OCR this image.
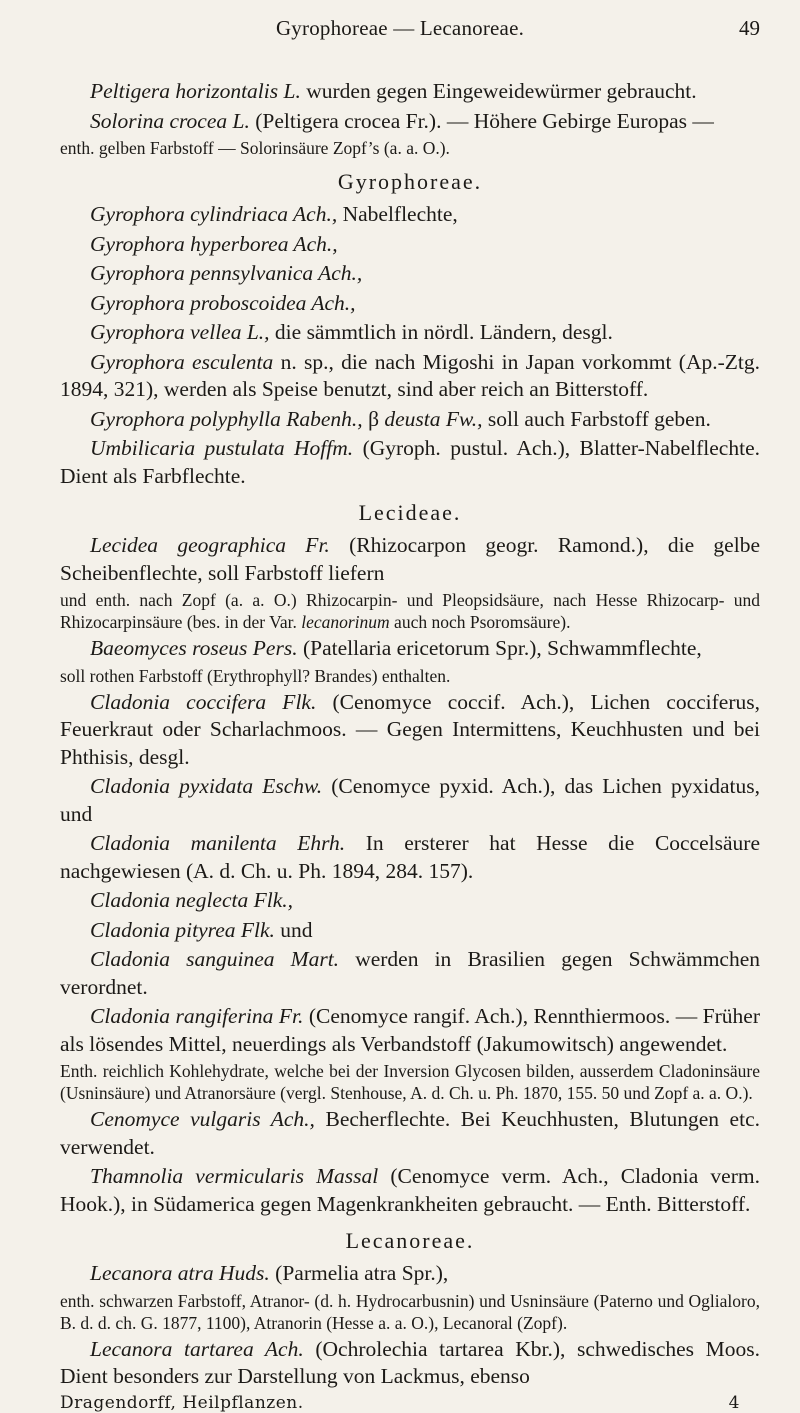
Gyrophoreae — Lecanoreae.	49

Peltigera horizontalis L. wurden gegen Eingeweidewürmer gebraucht.

Solorina crocea L. (Peltigera crocea Fr.). — Höhere Gebirge Europas —

enth. gelben Farbstoff — Solorinsäure Zopf’s (a. a. O.).

Gyrophoreae.

Gyrophora cylindriaca Ach., Nabelflechte,

Gyrophora hyperborea Ach.,

Gyrophora pennsylvanica Ach.,

Gyrophora proboscoidea Ach.,

Gyrophora vellea L., die sämmtlich in nördl. Ländern, desgl.

Gyrophora esculenta n. sp., die nach Migoshi in Japan vorkommt (Ap.-Ztg. 1894, 321), werden als Speise benutzt, sind aber reich an Bitterstoff.

Gyrophora polyphylla Rabenh., β deusta Fw., soll auch Farbstoff geben.

Umbilicaria pustulata Hoffm. (Gyroph. pustul. Ach.), Blatter-Nabelflechte. Dient als Farbflechte.

Lecideae.

Lecidea geographica Fr. (Rhizocarpon geogr. Ramond.), die gelbe Scheibenflechte, soll Farbstoff liefern

und enth. nach Zopf (a. a. O.) Rhizocarpin- und Pleopsidsäure, nach Hesse Rhizocarp- und Rhizocarpinsäure (bes. in der Var. lecanorinum auch noch Psoromsäure).

Baeomyces roseus Pers. (Patellaria ericetorum Spr.), Schwammflechte,

soll rothen Farbstoff (Erythrophyll? Brandes) enthalten.

Cladonia coccifera Flk. (Cenomyce coccif. Ach.), Lichen cocciferus, Feuerkraut oder Scharlachmoos. — Gegen Intermittens, Keuchhusten und bei Phthisis, desgl.

Cladonia pyxidata Eschw. (Cenomyce pyxid. Ach.), das Lichen pyxidatus, und

Cladonia manilenta Ehrh. In ersterer hat Hesse die Coccelsäure nachgewiesen (A. d. Ch. u. Ph. 1894, 284. 157).

Cladonia neglecta Flk.,

Cladonia pityrea Flk. und

Cladonia sanguinea Mart. werden in Brasilien gegen Schwämmchen verordnet.

Cladonia rangiferina Fr. (Cenomyce rangif. Ach.), Rennthiermoos. — Früher als lösendes Mittel, neuerdings als Verbandstoff (Jakumowitsch) angewendet.

Enth. reichlich Kohlehydrate, welche bei der Inversion Glycosen bilden, ausserdem Cladoninsäure (Usninsäure) und Atranorsäure (vergl. Stenhouse, A. d. Ch. u. Ph. 1870, 155. 50 und Zopf a. a. O.).

Cenomyce vulgaris Ach., Becherflechte. Bei Keuchhusten, Blutungen etc. verwendet.

Thamnolia vermicularis Massal (Cenomyce verm. Ach., Cladonia verm. Hook.), in Südamerica gegen Magenkrankheiten gebraucht. — Enth. Bitterstoff.

Lecanoreae.

Lecanora atra Huds. (Parmelia atra Spr.),

enth. schwarzen Farbstoff, Atranor- (d. h. Hydrocarbusnin) und Usninsäure (Paterno und Oglialoro, B. d. d. ch. G. 1877, 1100), Atranorin (Hesse a. a. O.), Lecanoral (Zopf).

Lecanora tartarea Ach. (Ochrolechia tartarea Kbr.), schwedisches Moos. Dient besonders zur Darstellung von Lackmus, ebenso

Dragendorff, Heilpflanzen.	4
